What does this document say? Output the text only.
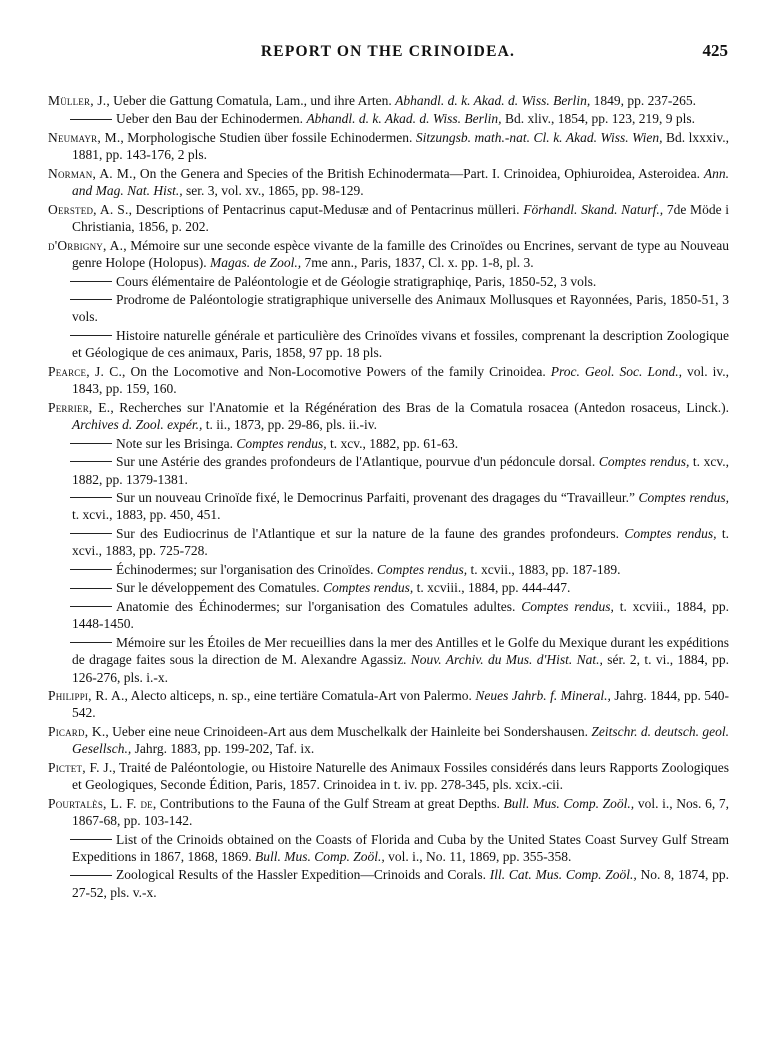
REPORT ON THE CRINOIDEA.	425

Müller, J., Ueber die Gattung Comatula, Lam., und ihre Arten. Abhandl. d. k. Akad. d. Wiss. Berlin, 1849, pp. 237-265.

Ueber den Bau der Echinodermen. Abhandl. d. k. Akad. d. Wiss. Berlin, Bd. xliv., 1854, pp. 123, 219, 9 pls.

Neumayr, M., Morphologische Studien über fossile Echinodermen. Sitzungsb. math.-nat. Cl. k. Akad. Wiss. Wien, Bd. lxxxiv., 1881, pp. 143-176, 2 pls.

Norman, A. M., On the Genera and Species of the British Echinodermata—Part. I. Crinoidea, Ophiuroidea, Asteroidea. Ann. and Mag. Nat. Hist., ser. 3, vol. xv., 1865, pp. 98-129.

Oersted, A. S., Descriptions of Pentacrinus caput-Medusæ and of Pentacrinus mülleri. Förhandl. Skand. Naturf., 7de Möde i Christiania, 1856, p. 202.

d'Orbigny, A., Mémoire sur une seconde espèce vivante de la famille des Crinoïdes ou Encrines, servant de type au Nouveau genre Holope (Holopus). Magas. de Zool., 7me ann., Paris, 1837, Cl. x. pp. 1-8, pl. 3.

Cours élémentaire de Paléontologie et de Géologie stratigraphiqe, Paris, 1850-52, 3 vols.

Prodrome de Paléontologie stratigraphique universelle des Animaux Mollusques et Rayonnées, Paris, 1850-51, 3 vols.

Histoire naturelle générale et particulière des Crinoïdes vivans et fossiles, comprenant la description Zoologique et Géologique de ces animaux, Paris, 1858, 97 pp. 18 pls.

Pearce, J. C., On the Locomotive and Non-Locomotive Powers of the family Crinoidea. Proc. Geol. Soc. Lond., vol. iv., 1843, pp. 159, 160.

Perrier, E., Recherches sur l'Anatomie et la Régénération des Bras de la Comatula rosacea (Antedon rosaceus, Linck.). Archives d. Zool. expér., t. ii., 1873, pp. 29-86, pls. ii.-iv.

Note sur les Brisinga. Comptes rendus, t. xcv., 1882, pp. 61-63.

Sur une Astérie des grandes profondeurs de l'Atlantique, pourvue d'un pédoncule dorsal. Comptes rendus, t. xcv., 1882, pp. 1379-1381.

Sur un nouveau Crinoïde fixé, le Democrinus Parfaiti, provenant des dragages du “Travailleur.” Comptes rendus, t. xcvi., 1883, pp. 450, 451.

Sur des Eudiocrinus de l'Atlantique et sur la nature de la faune des grandes profondeurs. Comptes rendus, t. xcvi., 1883, pp. 725-728.

Échinodermes; sur l'organisation des Crinoïdes. Comptes rendus, t. xcvii., 1883, pp. 187-189.

Sur le développement des Comatules. Comptes rendus, t. xcviii., 1884, pp. 444-447.

Anatomie des Échinodermes; sur l'organisation des Comatules adultes. Comptes rendus, t. xcviii., 1884, pp. 1448-1450.

Mémoire sur les Étoiles de Mer recueillies dans la mer des Antilles et le Golfe du Mexique durant les expéditions de dragage faites sous la direction de M. Alexandre Agassiz. Nouv. Archiv. du Mus. d'Hist. Nat., sér. 2, t. vi., 1884, pp. 126-276, pls. i.-x.

Philippi, R. A., Alecto alticeps, n. sp., eine tertiäre Comatula-Art von Palermo. Neues Jahrb. f. Mineral., Jahrg. 1844, pp. 540-542.

Picard, K., Ueber eine neue Crinoideen-Art aus dem Muschelkalk der Hainleite bei Sondershausen. Zeitschr. d. deutsch. geol. Gesellsch., Jahrg. 1883, pp. 199-202, Taf. ix.

Pictet, F. J., Traité de Paléontologie, ou Histoire Naturelle des Animaux Fossiles considérés dans leurs Rapports Zoologiques et Geologiques, Seconde Édition, Paris, 1857. Crinoidea in t. iv. pp. 278-345, pls. xcix.-cii.

Pourtalès, L. F. de, Contributions to the Fauna of the Gulf Stream at great Depths. Bull. Mus. Comp. Zoöl., vol. i., Nos. 6, 7, 1867-68, pp. 103-142.

List of the Crinoids obtained on the Coasts of Florida and Cuba by the United States Coast Survey Gulf Stream Expeditions in 1867, 1868, 1869. Bull. Mus. Comp. Zoöl., vol. i., No. 11, 1869, pp. 355-358.

Zoological Results of the Hassler Expedition—Crinoids and Corals. Ill. Cat. Mus. Comp. Zoöl., No. 8, 1874, pp. 27-52, pls. v.-x.
